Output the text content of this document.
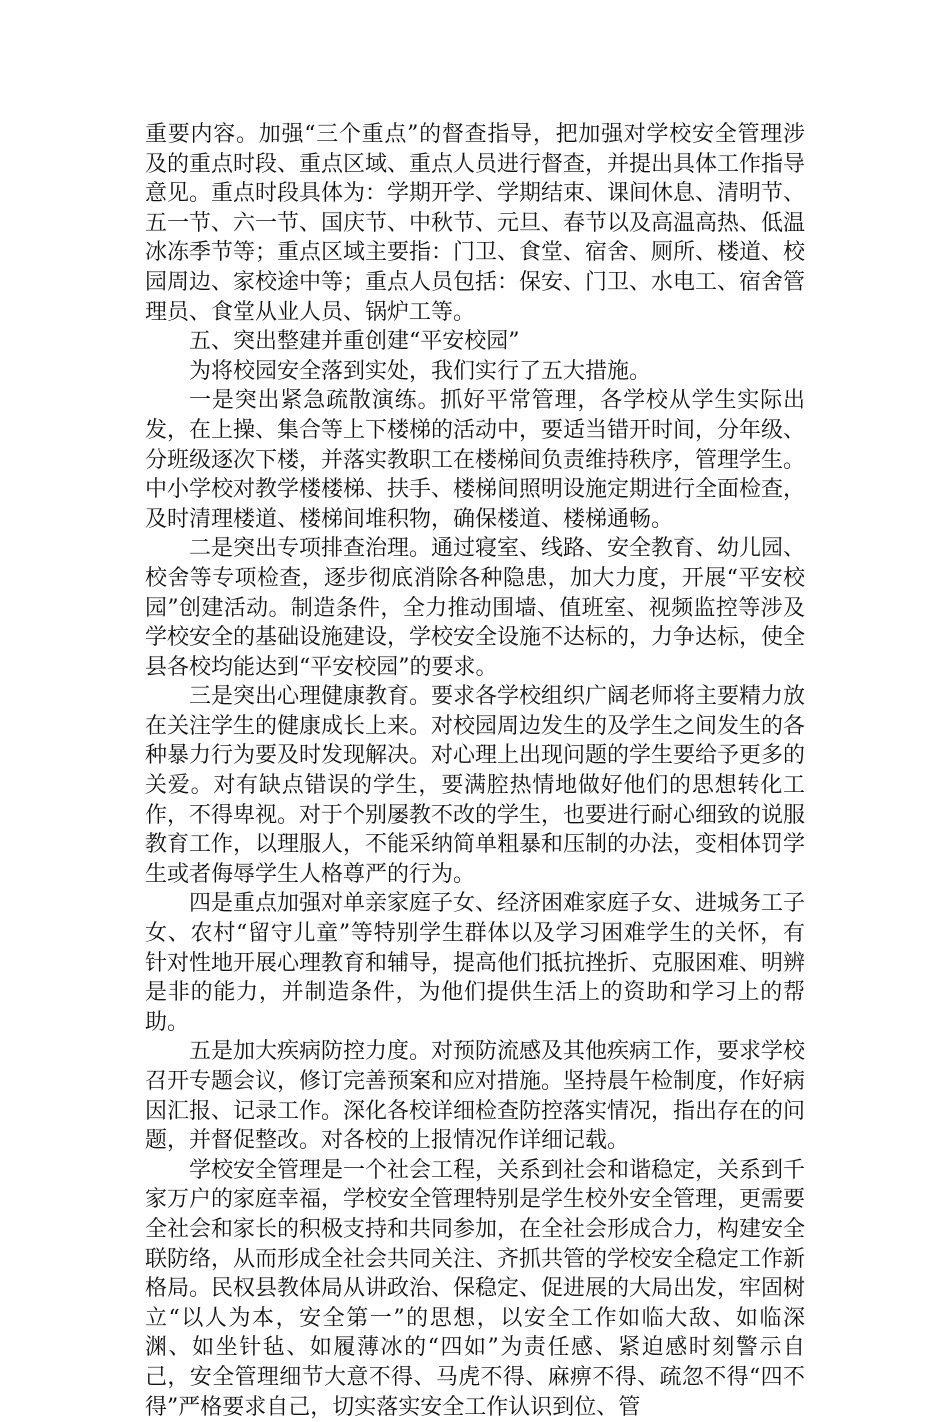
重要内容。加强“三个重点”的督查指导，把加强对学校安全管理涉及的重点时段、重点区域、重点人员进行督查，并提出具体工作指导意见。重点时段具体为：学期开学、学期结束、课间休息、清明节、五一节、六一节、国庆节、中秋节、元旦、春节以及高温高热、低温冰冻季节等；重点区域主要指：门卫、食堂、宿舍、厕所、楼道、校园周边、家校途中等；重点人员包括：保安、门卫、水电工、宿舍管理员、食堂从业人员、锅炉工等。

五、突出整建并重创建“平安校园”

为将校园安全落到实处，我们实行了五大措施。

一是突出紧急疏散演练。抓好平常管理，各学校从学生实际出发，在上操、集合等上下楼梯的活动中，要适当错开时间，分年级、分班级逐次下楼，并落实教职工在楼梯间负责维持秩序，管理学生。中小学校对教学楼楼梯、扶手、楼梯间照明设施定期进行全面检查，及时清理楼道、楼梯间堆积物，确保楼道、楼梯通畅。

二是突出专项排查治理。通过寝室、线路、安全教育、幼儿园、校舍等专项检查，逐步彻底消除各种隐患，加大力度，开展“平安校园”创建活动。制造条件，全力推动围墙、值班室、视频监控等涉及学校安全的基础设施建设，学校安全设施不达标的，力争达标，使全县各校均能达到“平安校园”的要求。

三是突出心理健康教育。要求各学校组织广阔老师将主要精力放在关注学生的健康成长上来。对校园周边发生的及学生之间发生的各种暴力行为要及时发现解决。对心理上出现问题的学生要给予更多的关爱。对有缺点错误的学生，要满腔热情地做好他们的思想转化工作，不得卑视。对于个别屡教不改的学生，也要进行耐心细致的说服教育工作，以理服人，不能采纳简单粗暴和压制的办法，变相体罚学生或者侮辱学生人格尊严的行为。

四是重点加强对单亲家庭子女、经济困难家庭子女、进城务工子女、农村“留守儿童”等特别学生群体以及学习困难学生的关怀，有针对性地开展心理教育和辅导，提高他们抵抗挫折、克服困难、明辨是非的能力，并制造条件，为他们提供生活上的资助和学习上的帮助。

五是加大疾病防控力度。对预防流感及其他疾病工作，要求学校召开专题会议，修订完善预案和应对措施。坚持晨午检制度，作好病因汇报、记录工作。深化各校详细检查防控落实情况，指出存在的问题，并督促整改。对各校的上报情况作详细记载。

学校安全管理是一个社会工程，关系到社会和谐稳定，关系到千家万户的家庭幸福，学校安全管理特别是学生校外安全管理，更需要全社会和家长的积极支持和共同参加，在全社会形成合力，构建安全联防络，从而形成全社会共同关注、齐抓共管的学校安全稳定工作新格局。民权县教体局从讲政治、保稳定、促进展的大局出发，牢固树立“以人为本，安全第一”的思想，以安全工作如临大敌、如临深渊、如坐针毡、如履薄冰的“四如”为责任感、紧迫感时刻警示自己，安全管理细节大意不得、马虎不得、麻痹不得、疏忽不得“四不得”严格要求自己，切实落实安全工作认识到位、管
